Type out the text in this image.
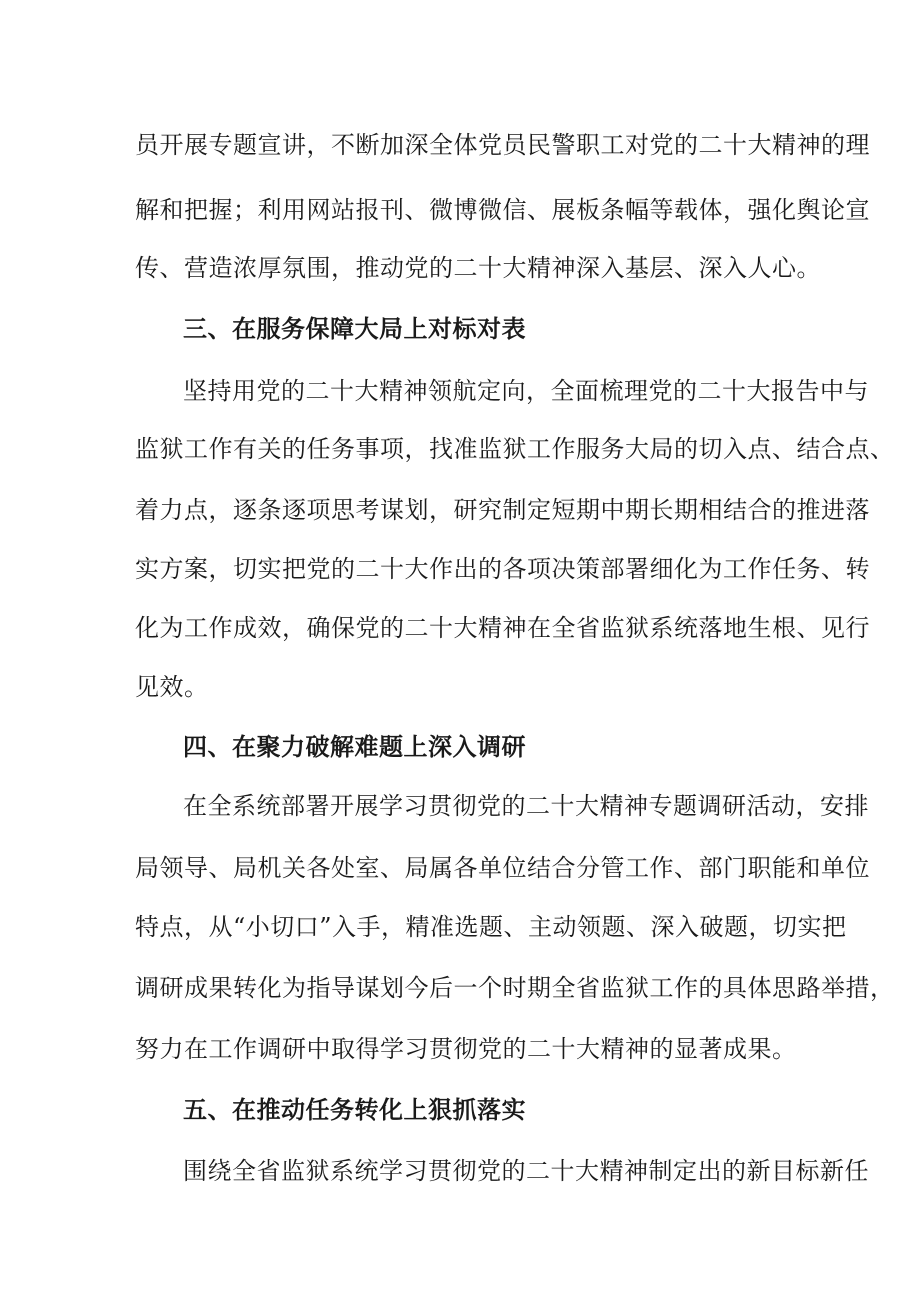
员开展专题宣讲，不断加深全体党员民警职工对党的二十大精神的理
解和把握；利用网站报刊、微博微信、展板条幅等载体，强化舆论宣
传、营造浓厚氛围，推动党的二十大精神深入基层、深入人心。
三、在服务保障大局上对标对表
坚持用党的二十大精神领航定向，全面梳理党的二十大报告中与
监狱工作有关的任务事项，找准监狱工作服务大局的切入点、结合点、
着力点，逐条逐项思考谋划，研究制定短期中期长期相结合的推进落
实方案，切实把党的二十大作出的各项决策部署细化为工作任务、转
化为工作成效，确保党的二十大精神在全省监狱系统落地生根、见行
见效。
四、在聚力破解难题上深入调研
在全系统部署开展学习贯彻党的二十大精神专题调研活动，安排
局领导、局机关各处室、局属各单位结合分管工作、部门职能和单位
特点，从“小切口”入手，精准选题、主动领题、深入破题，切实把
调研成果转化为指导谋划今后一个时期全省监狱工作的具体思路举措，
努力在工作调研中取得学习贯彻党的二十大精神的显著成果。
五、在推动任务转化上狠抓落实
围绕全省监狱系统学习贯彻党的二十大精神制定出的新目标新任
